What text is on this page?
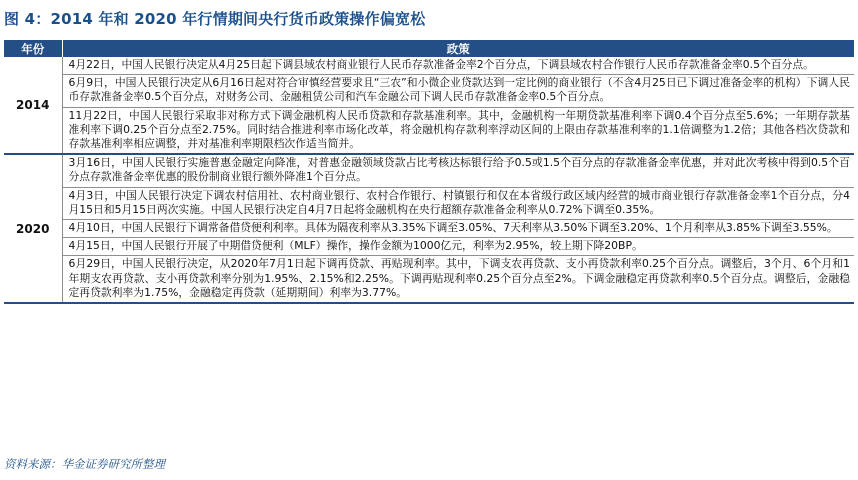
图 4：2014 年和 2020 年行情期间央行货币政策操作偏宽松
年份	政策
2014	4月22日，中国人民银行决定从4月25日起下调县域农村商业银行人民币存款准备金率2个百分点，下调县域农村合作银行人民币存款准备金率0.5个百分点。
	6月9日，中国人民银行决定从6月16日起对符合审慎经营要求且“三农”和小微企业贷款达到一定比例的商业银行（不含4月25日已下调过准备金率的机构）下调人民币存款准备金率0.5个百分点，对财务公司、金融租赁公司和汽车金融公司下调人民币存款准备金率0.5个百分点。
	11月22日，中国人民银行采取非对称方式下调金融机构人民币贷款和存款基准利率。其中，金融机构一年期贷款基准利率下调0.4个百分点至5.6%；一年期存款基准利率下调0.25个百分点至2.75%。同时结合推进利率市场化改革，将金融机构存款利率浮动区间的上限由存款基准利率的1.1倍调整为1.2倍；其他各档次贷款和存款基准利率相应调整，并对基准利率期限档次作适当简并。
2020	3月16日，中国人民银行实施普惠金融定向降准，对普惠金融领域贷款占比考核达标银行给予0.5或1.5个百分点的存款准备金率优惠，并对此次考核中得到0.5个百分点存款准备金率优惠的股份制商业银行额外降准1个百分点。
	4月3日，中国人民银行决定下调农村信用社、农村商业银行、农村合作银行、村镇银行和仅在本省级行政区域内经营的城市商业银行存款准备金率1个百分点，分4月15日和5月15日两次实施。中国人民银行决定自4月7日起将金融机构在央行超额存款准备金利率从0.72%下调至0.35%。
	4月10日，中国人民银行下调常备借贷便利利率。具体为隔夜利率从3.35%下调至3.05%、7天利率从3.50%下调至3.20%、1个月利率从3.85%下调至3.55%。
	4月15日，中国人民银行开展了中期借贷便利（MLF）操作，操作金额为1000亿元，利率为2.95%，较上期下降20BP。
	6月29日，中国人民银行决定，从2020年7月1日起下调再贷款、再贴现利率。其中，下调支农再贷款、支小再贷款利率0.25个百分点。调整后，3个月、6个月和1年期支农再贷款、支小再贷款利率分别为1.95%、2.15%和2.25%。下调再贴现利率0.25个百分点至2%。下调金融稳定再贷款利率0.5个百分点。调整后，金融稳定再贷款利率为1.75%，金融稳定再贷款（延期期间）利率为3.77%。
资料来源：华金证券研究所整理
